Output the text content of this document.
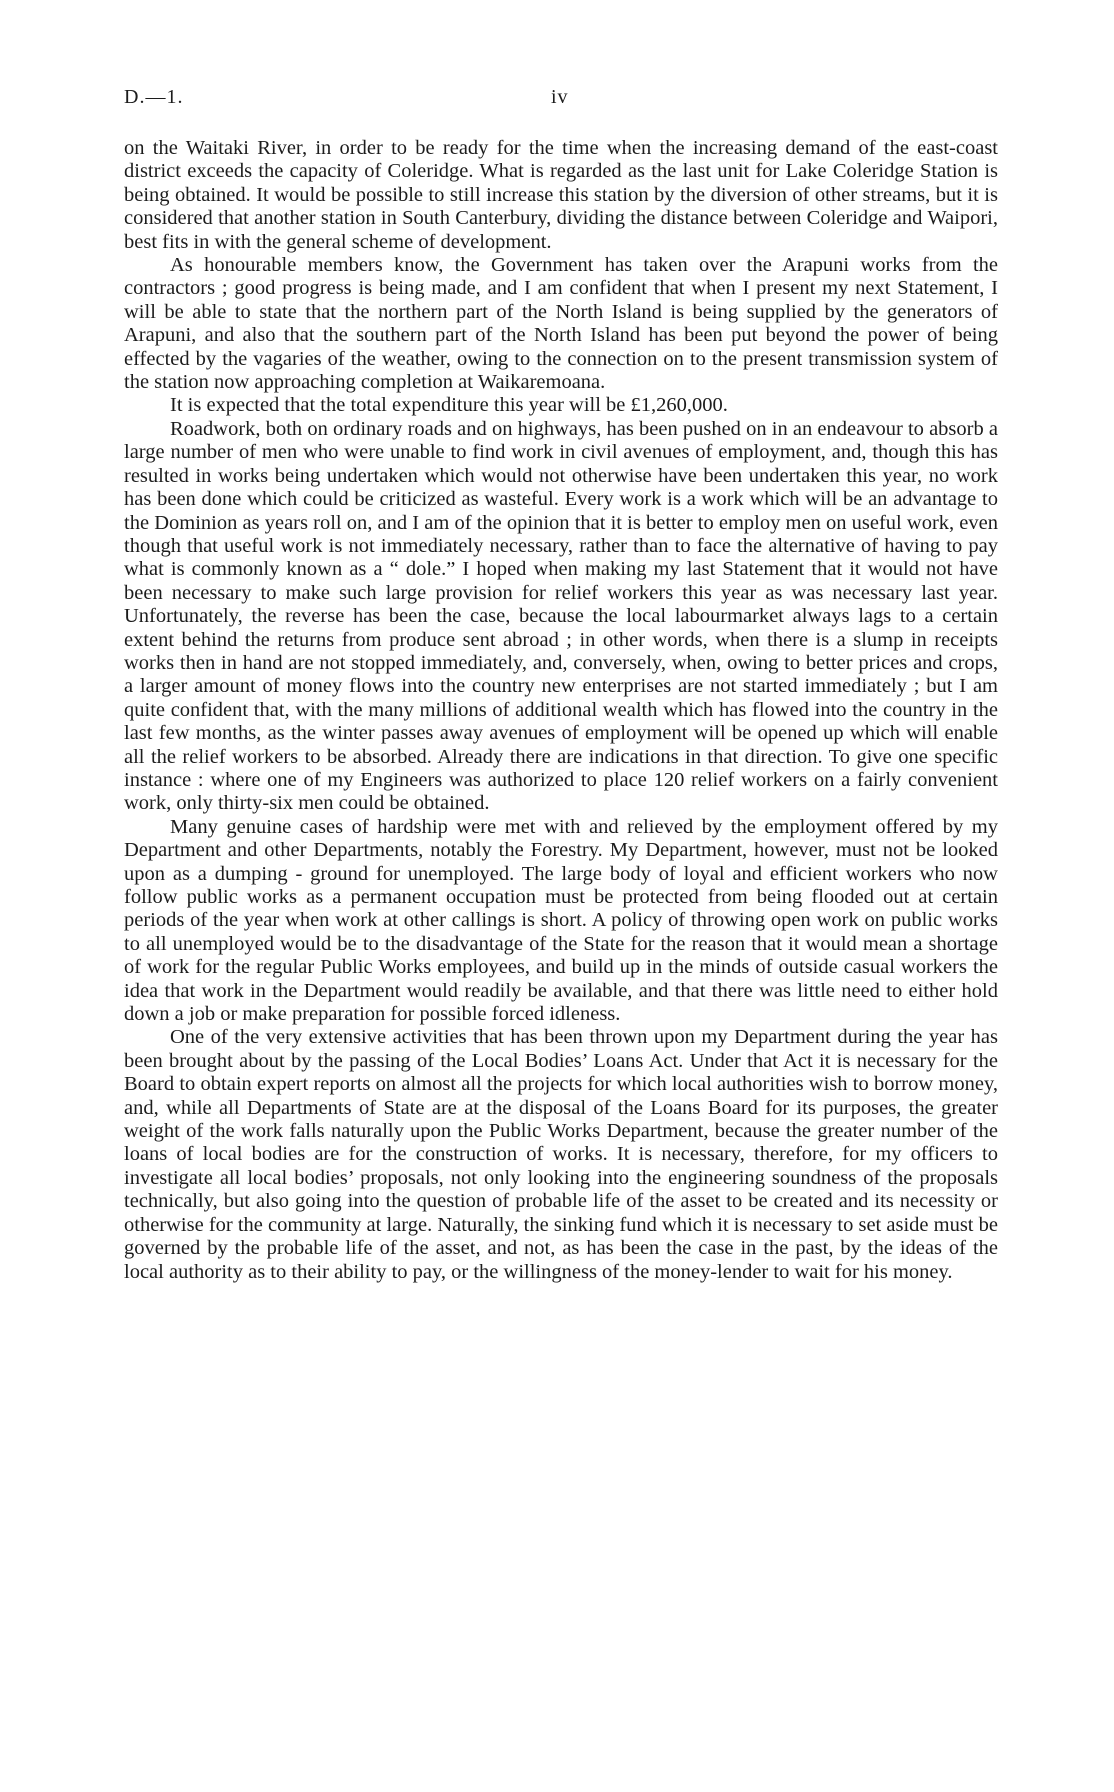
D.—1.	iv

on the Waitaki River, in order to be ready for the time when the increasing demand of the east-coast district exceeds the capacity of Coleridge. What is regarded as the last unit for Lake Coleridge Station is being obtained. It would be possible to still increase this station by the diversion of other streams, but it is considered that another station in South Canterbury, dividing the distance between Coleridge and Waipori, best fits in with the general scheme of development.

As honourable members know, the Government has taken over the Arapuni works from the contractors ; good progress is being made, and I am confident that when I present my next Statement, I will be able to state that the northern part of the North Island is being supplied by the generators of Arapuni, and also that the southern part of the North Island has been put beyond the power of being effected by the vagaries of the weather, owing to the connection on to the present transmission system of the station now approaching completion at Waikaremoana.

It is expected that the total expenditure this year will be £1,260,000.

Roadwork, both on ordinary roads and on highways, has been pushed on in an endeavour to absorb a large number of men who were unable to find work in civil avenues of employment, and, though this has resulted in works being undertaken which would not otherwise have been undertaken this year, no work has been done which could be criticized as wasteful. Every work is a work which will be an advantage to the Dominion as years roll on, and I am of the opinion that it is better to employ men on useful work, even though that useful work is not immediately necessary, rather than to face the alternative of having to pay what is commonly known as a “ dole.” I hoped when making my last Statement that it would not have been necessary to make such large provision for relief workers this year as was necessary last year. Unfortunately, the reverse has been the case, because the local labourmarket always lags to a certain extent behind the returns from produce sent abroad ; in other words, when there is a slump in receipts works then in hand are not stopped immediately, and, conversely, when, owing to better prices and crops, a larger amount of money flows into the country new enterprises are not started immediately ; but I am quite confident that, with the many millions of additional wealth which has flowed into the country in the last few months, as the winter passes away avenues of employment will be opened up which will enable all the relief workers to be absorbed. Already there are indications in that direction. To give one specific instance : where one of my Engineers was authorized to place 120 relief workers on a fairly convenient work, only thirty-six men could be obtained.

Many genuine cases of hardship were met with and relieved by the employment offered by my Department and other Departments, notably the Forestry. My Department, however, must not be looked upon as a dumping - ground for unemployed. The large body of loyal and efficient workers who now follow public works as a permanent occupation must be protected from being flooded out at certain periods of the year when work at other callings is short. A policy of throwing open work on public works to all unemployed would be to the disadvantage of the State for the reason that it would mean a shortage of work for the regular Public Works employees, and build up in the minds of outside casual workers the idea that work in the Department would readily be available, and that there was little need to either hold down a job or make preparation for possible forced idleness.

One of the very extensive activities that has been thrown upon my Department during the year has been brought about by the passing of the Local Bodies’ Loans Act. Under that Act it is necessary for the Board to obtain expert reports on almost all the projects for which local authorities wish to borrow money, and, while all Departments of State are at the disposal of the Loans Board for its purposes, the greater weight of the work falls naturally upon the Public Works Department, because the greater number of the loans of local bodies are for the construction of works. It is necessary, therefore, for my officers to investigate all local bodies’ proposals, not only looking into the engineering soundness of the proposals technically, but also going into the question of probable life of the asset to be created and its necessity or otherwise for the community at large. Naturally, the sinking fund which it is necessary to set aside must be governed by the probable life of the asset, and not, as has been the case in the past, by the ideas of the local authority as to their ability to pay, or the willingness of the money-lender to wait for his money.
